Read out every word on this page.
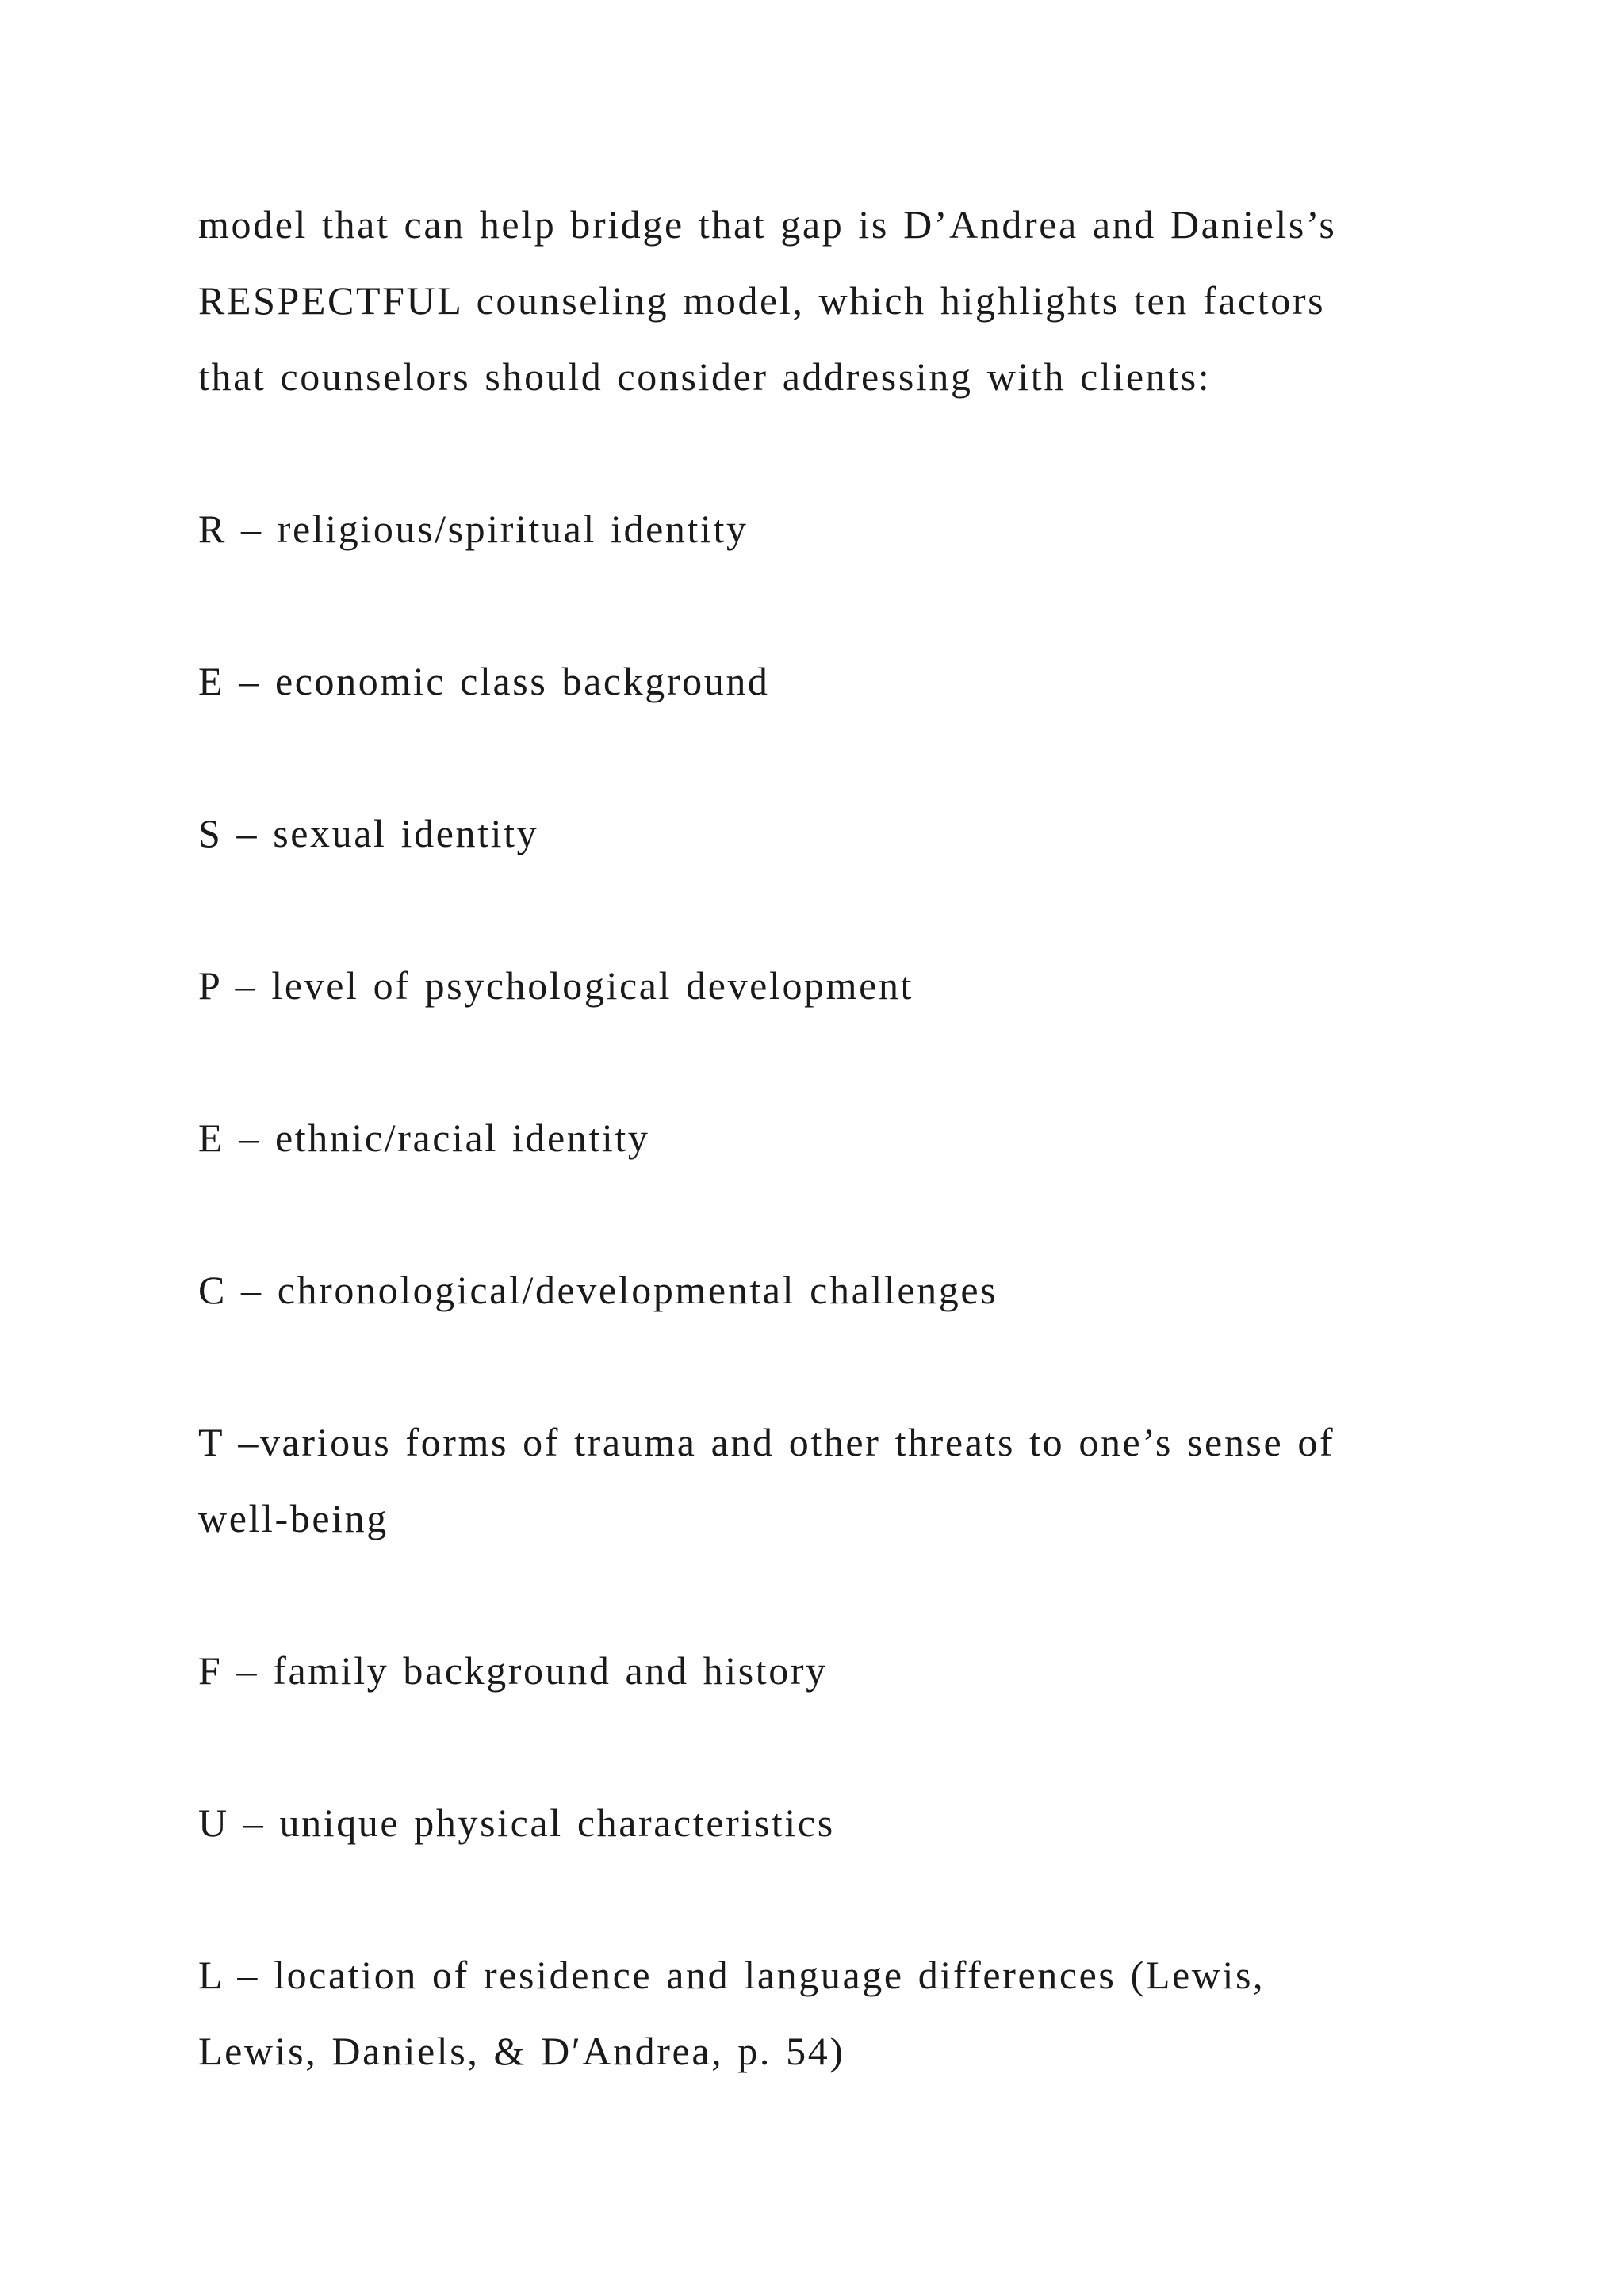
model that can help bridge that gap is D’Andrea and Daniels’s
RESPECTFUL counseling model, which highlights ten factors
that counselors should consider addressing with clients:

R – religious/spiritual identity

E – economic class background

S – sexual identity

P – level of psychological development

E – ethnic/racial identity

C – chronological/developmental challenges

T –various forms of trauma and other threats to one’s sense of
well-being

F – family background and history

U – unique physical characteristics

L – location of residence and language differences (Lewis,
Lewis, Daniels, & D′Andrea, p. 54)
